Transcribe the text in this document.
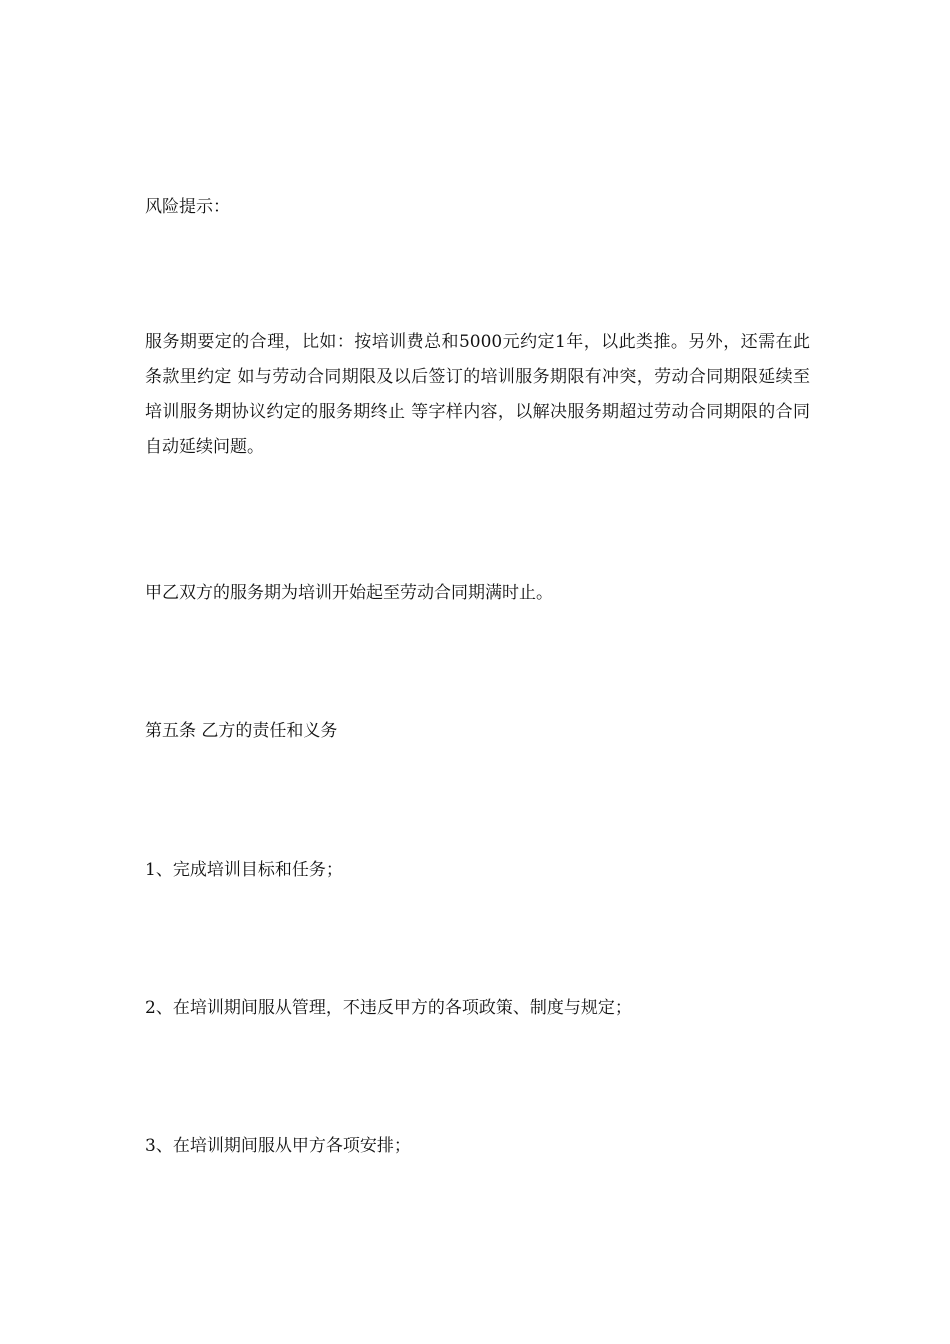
风险提示：

服务期要定的合理，比如：按培训费总和5000元约定1年，以此类推。另外，还需在此条款里约定 如与劳动合同期限及以后签订的培训服务期限有冲突，劳动合同期限延续至培训服务期协议约定的服务期终止 等字样内容，以解决服务期超过劳动合同期限的合同自动延续问题。

甲乙双方的服务期为培训开始起至劳动合同期满时止。

第五条 乙方的责任和义务

1、完成培训目标和任务；

2、在培训期间服从管理，不违反甲方的各项政策、制度与规定；

3、在培训期间服从甲方各项安排；
